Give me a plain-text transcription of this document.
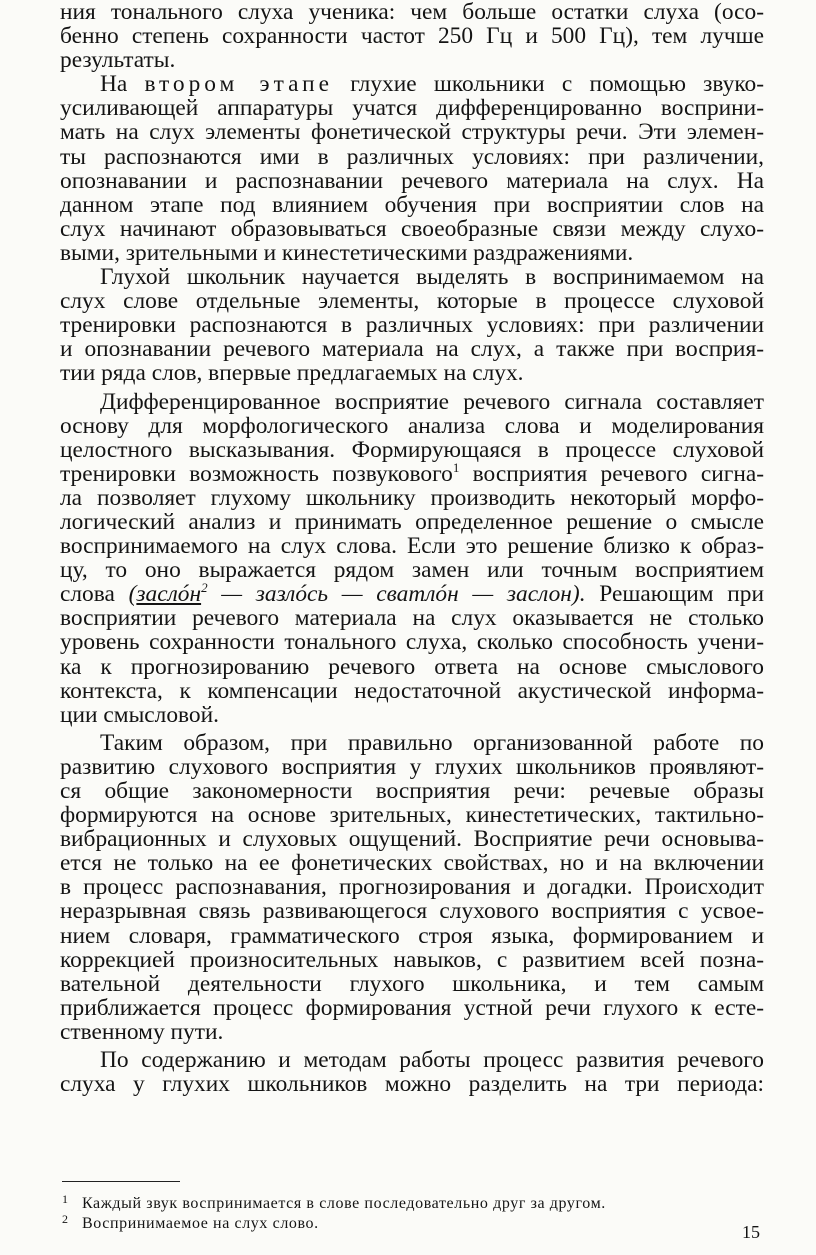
ния тонального слуха ученика: чем больше остатки слуха (осо-
бенно степень сохранности частот 250 Гц и 500 Гц), тем лучше
результаты.

На втором этапе глухие школьники с помощью звуко-
усиливающей аппаратуры учатся дифференцированно восприни-
мать на слух элементы фонетической структуры речи. Эти элемен-
ты распознаются ими в различных условиях: при различении,
опознавании и распознавании речевого материала на слух. На
данном этапе под влиянием обучения при восприятии слов на
слух начинают образовываться своеобразные связи между слухо-
выми, зрительными и кинестетическими раздражениями.

Глухой школьник научается выделять в воспринимаемом на
слух слове отдельные элементы, которые в процессе слуховой
тренировки распознаются в различных условиях: при различении
и опознавании речевого материала на слух, а также при восприя-
тии ряда слов, впервые предлагаемых на слух.

Дифференцированное восприятие речевого сигнала составляет
основу для морфологического анализа слова и моделирования
целостного высказывания. Формирующаяся в процессе слуховой
тренировки возможность позвукового$^1$ восприятия речевого сигна-
ла позволяет глухому школьнику производить некоторый морфо-
логический анализ и принимать определенное решение о смысле
воспринимаемого на слух слова. Если это решение близко к образ-
цу, то оно выражается рядом замен или точным восприятием
слова (заслóн$^2$ — зазлóсь — сватлóн — заслон). Решающим при
восприятии речевого материала на слух оказывается не столько
уровень сохранности тонального слуха, сколько способность учени-
ка к прогнозированию речевого ответа на основе смыслового
контекста, к компенсации недостаточной акустической информа-
ции смысловой.

Таким образом, при правильно организованной работе по
развитию слухового восприятия у глухих школьников проявляют-
ся общие закономерности восприятия речи: речевые образы
формируются на основе зрительных, кинестетических, тактильно-
вибрационных и слуховых ощущений. Восприятие речи основыва-
ется не только на ее фонетических свойствах, но и на включении
в процесс распознавания, прогнозирования и догадки. Происходит
неразрывная связь развивающегося слухового восприятия с усвое-
нием словаря, грамматического строя языка, формированием и
коррекцией произносительных навыков, с развитием всей позна-
вательной деятельности глухого школьника, и тем самым
приближается процесс формирования устной речи глухого к есте-
ственному пути.

По содержанию и методам работы процесс развития речевого
слуха у глухих школьников можно разделить на три периода:

1 Каждый звук воспринимается в слове последовательно друг за другом.
2 Воспринимаемое на слух слово.	15
